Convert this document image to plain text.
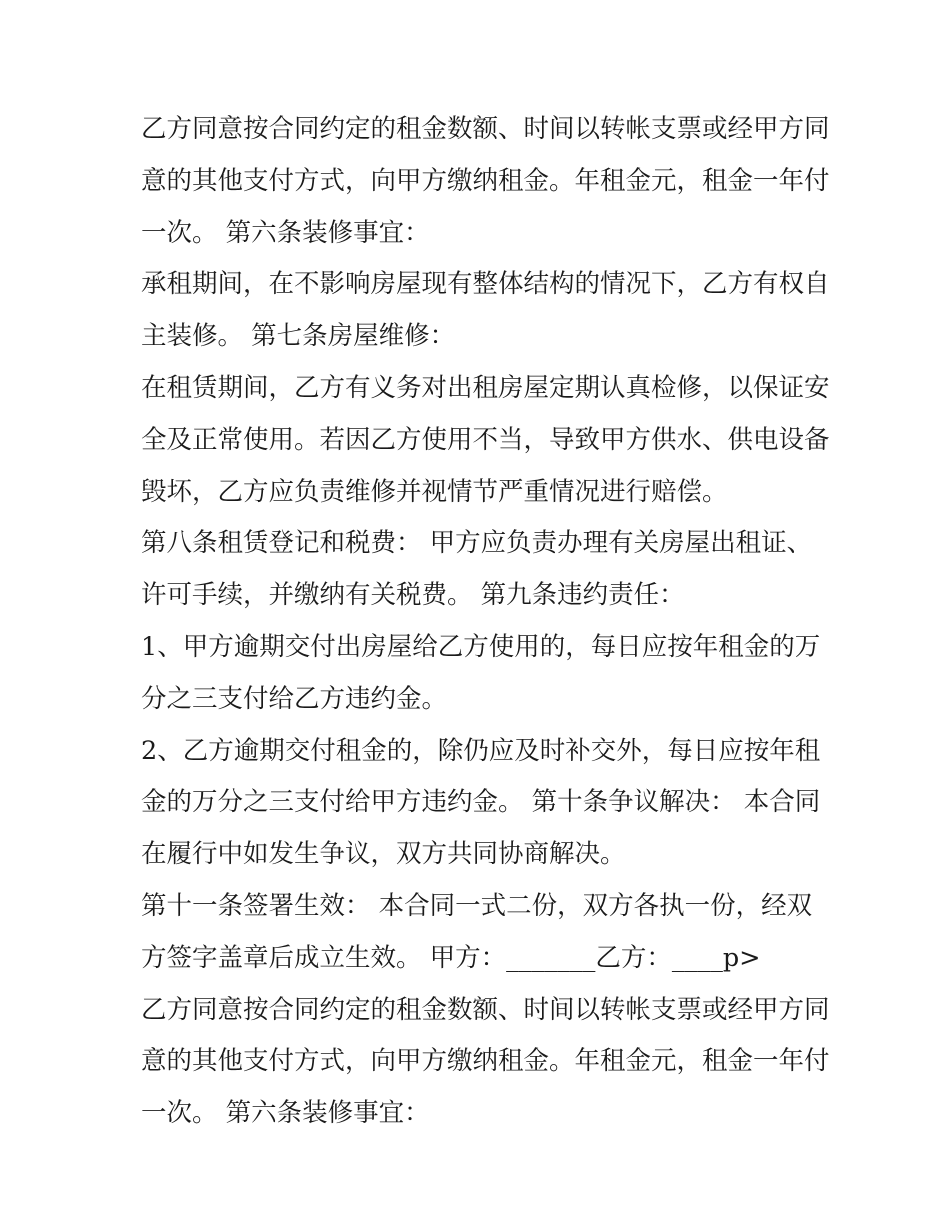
乙方同意按合同约定的租金数额、时间以转帐支票或经甲方同
意的其他支付方式，向甲方缴纳租金。年租金元，租金一年付
一次。 第六条装修事宜：
承租期间，在不影响房屋现有整体结构的情况下，乙方有权自
主装修。 第七条房屋维修：
在租赁期间，乙方有义务对出租房屋定期认真检修，以保证安
全及正常使用。若因乙方使用不当，导致甲方供水、供电设备
毁坏，乙方应负责维修并视情节严重情况进行赔偿。
第八条租赁登记和税费： 甲方应负责办理有关房屋出租证、
许可手续，并缴纳有关税费。 第九条违约责任：
1、甲方逾期交付出房屋给乙方使用的，每日应按年租金的万
分之三支付给乙方违约金。
2、乙方逾期交付租金的，除仍应及时补交外，每日应按年租
金的万分之三支付给甲方违约金。 第十条争议解决： 本合同
在履行中如发生争议，双方共同协商解决。
第十一条签署生效： 本合同一式二份，双方各执一份，经双
方签字盖章后成立生效。 甲方：_______乙方：____p>
乙方同意按合同约定的租金数额、时间以转帐支票或经甲方同
意的其他支付方式，向甲方缴纳租金。年租金元，租金一年付
一次。 第六条装修事宜：
